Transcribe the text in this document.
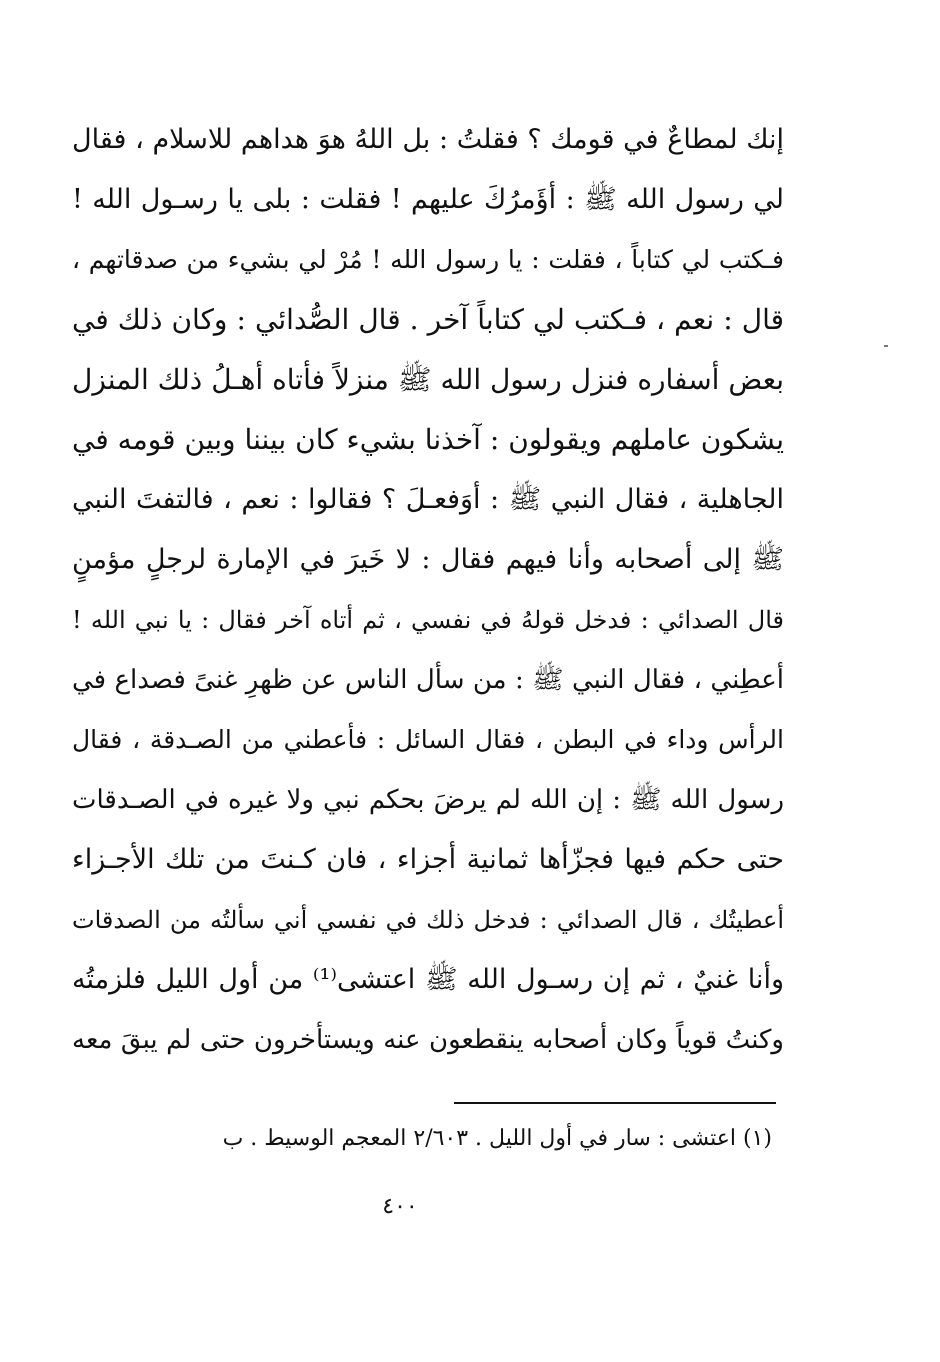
إنك لمطاعٌ في قومك ؟ فقلتُ : بل اللهُ هوَ هداهم للاسلام ، فقال
لي رسول الله ﷺ : أؤَمرُكَ عليهم ! فقلت : بلى يا رسـول الله !
فـكتب لي كتاباً ، فقلت : يا رسول الله ! مُرْ لي بشيء من صدقاتهم ،
قال : نعم ، فـكتب لي كتاباً آخر . قال الصُّدائي : وكان ذلك في
بعض أسفاره فنزل رسول الله ﷺ منزلاً فأتاه أهـلُ ذلك المنزل
يشكون عاملهم ويقولون : آخذنا بشيء كان بيننا وبين قومه في
الجاهلية ، فقال النبي ﷺ : أوَفعـلَ ؟ فقالوا : نعم ، فالتفتَ النبي
ﷺ إلى أصحابه وأنا فيهم فقال : لا خَيرَ في الإمارة لرجلٍ مؤمنٍ
قال الصدائي : فدخل قولهُ في نفسي ، ثم أتاه آخر فقال : يا نبي الله !
أعطِني ، فقال النبي ﷺ : من سأل الناس عن ظهرِ غنىً فصداع في
الرأس وداء في البطن ، فقال السائل : فأعطني من الصـدقة ، فقال
رسول الله ﷺ : إن الله لم يرضَ بحكم نبي ولا غيره في الصـدقات
حتى حكم فيها فجزّأها ثمانية أجزاء ، فان كـنتَ من تلك الأجـزاء
أعطيتُك ، قال الصدائي : فدخل ذلك في نفسي أني سألتُه من الصدقات
وأنا غنيٌ ، ثم إن رسـول الله ﷺ اعتشى⁽¹⁾ من أول الليل فلزمتُه
وكنتُ قوياً وكان أصحابه ينقطعون عنه ويستأخرون حتى لم يبقَ معه
(١) اعتشى : سار في أول الليل . ٢/٦٠٣ المعجم الوسيط . ب
٤٠٠
